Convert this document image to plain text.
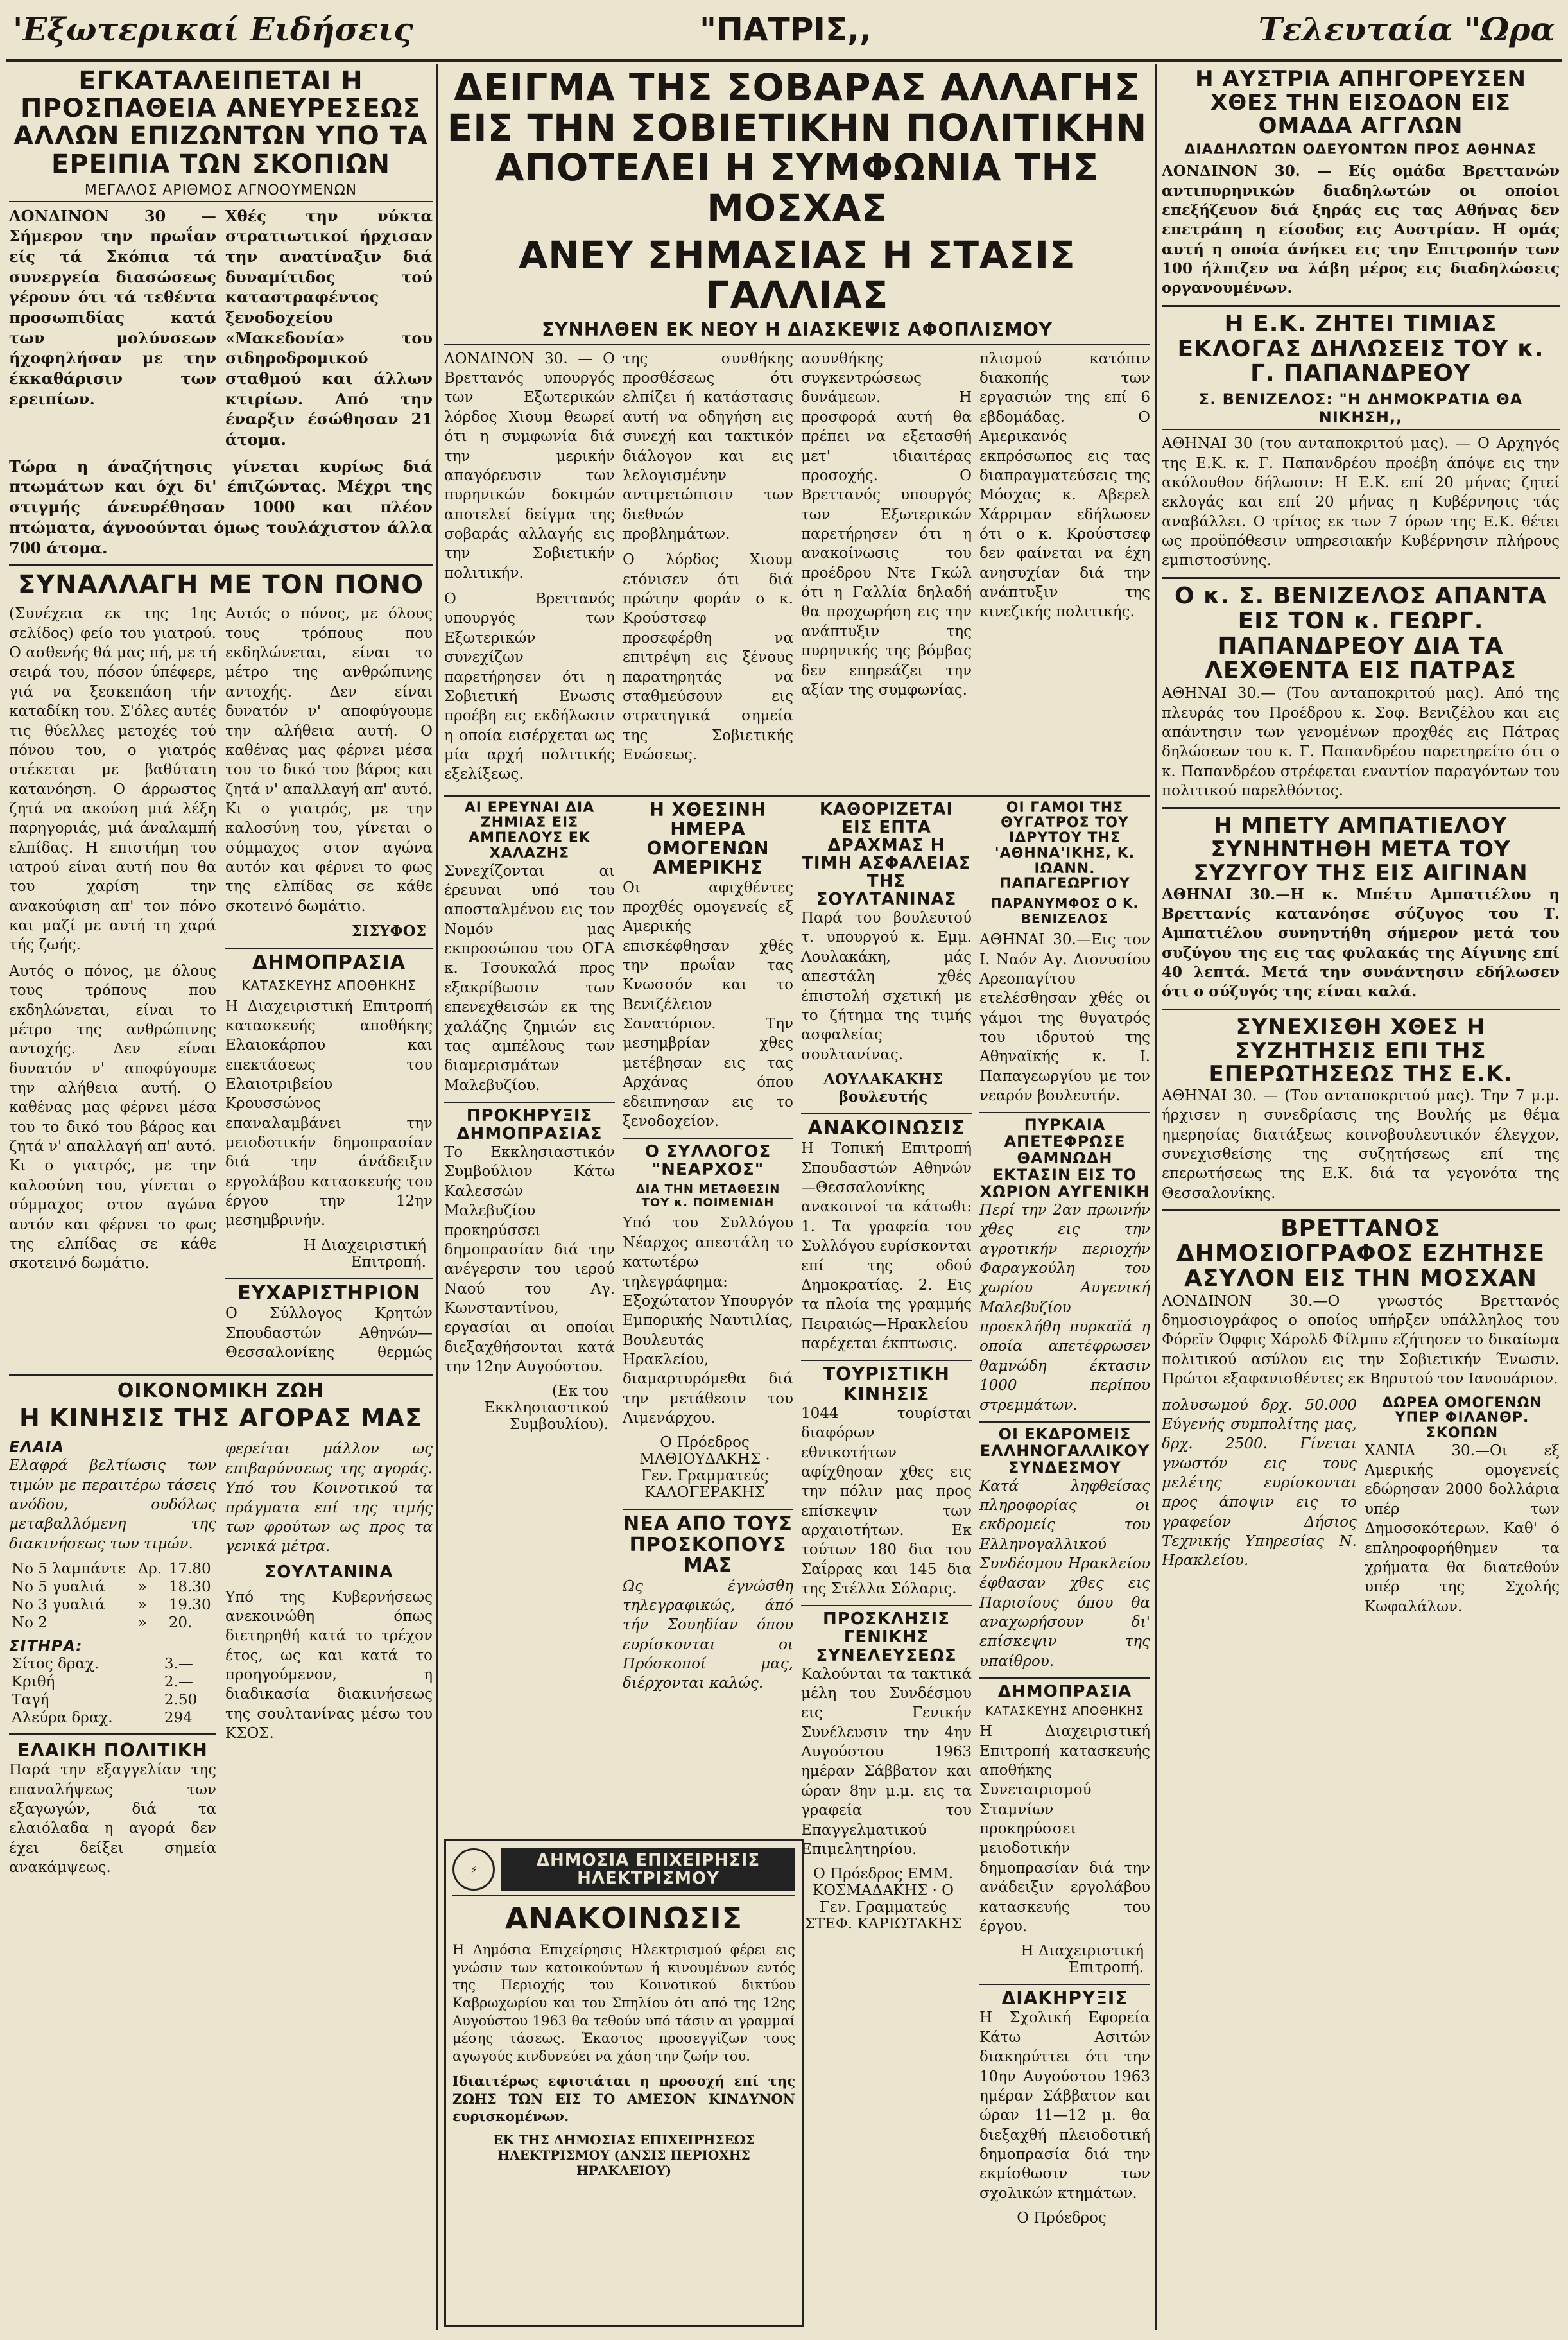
'Εξωτερικαί Ειδήσεις	"ΠΑΤΡΙΣ,,	Τελευταία "Ωρα
ΕΓΚΑΤΑΛΕΙΠΕΤΑΙ Η ΠΡΟΣΠΑΘΕΙΑ ΑΝΕΥΡΕΣΕΩΣ ΑΛΛΩΝ ΕΠΙΖΩΝΤΩΝ ΥΠΟ ΤΑ ΕΡΕΙΠΙΑ ΤΩΝ ΣΚΟΠΙΩΝ
ΜΕΓΑΛΟΣ ΑΡΙΘΜΟΣ ΑΓΝΟΟΥΜΕΝΩΝ

ΛΟΝΔΙΝΟΝ 30 —Σήμερον την πρωΐαν είς τά Σκόπια τά συνεργεία διασώσεως γέρουν ότι τά τεθέντα προσωπιδίας κατά των μολύνσεων ήχοφηλήσαν με την έκκαθάρισιν των ερειπίων.

Χθές την νύκτα στρατιωτικοί ήρχισαν την ανατίναξιν διά δυναμίτιδος τού καταστραφέντος ξενοδοχείου «Μακεδονία» του σιδηροδρομικού σταθμού και άλλων κτιρίων. Από την έναρξιν έσώθησαν 21 άτομα.

Τώρα η άναζήτησις γίνεται κυρίως διά πτωμάτων και όχι δι' έπιζώντας. Μέχρι της στιγμής άνευρέθησαν 1000 και πλέον πτώματα, άγνοούνται όμως τουλάχιστον άλλα 700 άτομα.

ΣΥΝΑΛΛΑΓΗ ΜΕ ΤΟΝ ΠΟΝΟ

(Συνέχεια εκ της 1ης σελίδος) φείο του γιατρού. Ο ασθενής θά μας πή, με τή σειρά του, πόσον ύπέφερε, γιά να ξεσκεπάση τήν καταδίκη του. Σ'όλες αυτές τις θύελλες μετοχές τού πόνου του, ο γιατρός στέκεται με βαθύτατη κατανόηση. Ο άρρωστος ζητά να ακούση μιά λέξη παρηγοριάς, μιά άναλαμπή ελπίδας. Η επιστήμη του ιατρού είναι αυτή που θα του χαρίση την ανακούφιση απ' τον πόνο και μαζί με αυτή τη χαρά τής ζωής.

Αυτός ο πόνος, με όλους τους τρόπους που εκδηλώνεται, είναι το μέτρο της ανθρώπινης αντοχής. Δεν είναι δυνατόν ν' αποφύγουμε την αλήθεια αυτή. Ο καθένας μας φέρνει μέσα του το δικό του βάρος και ζητά ν' απαλλαγή απ' αυτό. Κι ο γιατρός, με την καλοσύνη του, γίνεται ο σύμμαχος στον αγώνα αυτόν και φέρνει το φως της ελπίδας σε κάθε σκοτεινό δωμάτιο.

Αυτός ο πόνος, με όλους τους τρόπους που εκδηλώνεται, είναι το μέτρο της ανθρώπινης αντοχής. Δεν είναι δυνατόν ν' αποφύγουμε την αλήθεια αυτή. Ο καθένας μας φέρνει μέσα του το δικό του βάρος και ζητά ν' απαλλαγή απ' αυτό. Κι ο γιατρός, με την καλοσύνη του, γίνεται ο σύμμαχος στον αγώνα αυτόν και φέρνει το φως της ελπίδας σε κάθε σκοτεινό δωμάτιο.

ΣΙΣΥΦΟΣ
ΔΗΜΟΠΡΑΣΙΑ
ΚΑΤΑΣΚΕΥΗΣ ΑΠΟΘΗΚΗΣ

Η Διαχειριστική Επιτροπή κατασκευής αποθήκης Ελαιοκάρπου και επεκτάσεως του Ελαιοτριβείου Κρουσσώνος επαναλαμβάνει την μειοδοτικήν δημοπρασίαν διά την άνάδειξιν εργολάβου κατασκευής του έργου την 12ην μεσημβρινήν.

Η Διαχειριστική Επιτροπή.
ΕΥΧΑΡΙΣΤΗΡΙΟΝ

Ο Σύλλογος Κρητών Σπουδαστών Αθηνών—Θεσσαλονίκης θερμώς

ΟΙΚΟΝΟΜΙΚΗ ΖΩΗ
Η ΚΙΝΗΣΙΣ ΤΗΣ ΑΓΟΡΑΣ ΜΑΣ
ΕΛΑΙΑ

Ελαφρά βελτίωσις των τιμών με περαιτέρω τάσεις ανόδου, ουδόλως μεταβαλλόμενη της διακινήσεως των τιμών.

Νο 5 λαμπάντε	Δρ.	17.80
Νο 5 γυαλιά	»	18.30
Νο 3 γυαλιά	»	19.30
Νο 2	»	20.
ΣΙΤΗΡΑ:
Σίτος δραχ.	3.—
Κριθή	2.—
Ταγή	2.50
Αλεύρα δραχ.	294
ΕΛΑΙΚΗ ΠΟΛΙΤΙΚΗ

Παρά την εξαγγελίαν της επαναλήψεως των εξαγωγών, διά τα ελαιόλαδα η αγορά δεν έχει δείξει σημεία ανακάμψεως.

φερείται μάλλον ως επιβαρύνσεως της αγοράς. Υπό του Κοινοτικού τα πράγματα επί της τιμής των φρούτων ως προς τα γενικά μέτρα.

ΣΟΥΛΤΑΝΙΝΑ

Υπό της Κυβερνήσεως ανεκοινώθη όπως διετηρηθή κατά το τρέχον έτος, ως και κατά το προηγούμενον, η διαδικασία διακινήσεως της σουλτανίνας μέσω του ΚΣΟΣ.

ΔΕΙΓΜΑ ΤΗΣ ΣΟΒΑΡΑΣ ΑΛΛΑΓΗΣ
ΕΙΣ ΤΗΝ ΣΟΒΙΕΤΙΚΗΝ ΠΟΛΙΤΙΚΗΝ
ΑΠΟΤΕΛΕΙ Η ΣΥΜΦΩΝΙΑ ΤΗΣ ΜΟΣΧΑΣ
ΑΝΕΥ ΣΗΜΑΣΙΑΣ Η ΣΤΑΣΙΣ ΓΑΛΛΙΑΣ
ΣΥΝΗΛΘΕΝ ΕΚ ΝΕΟΥ Η ΔΙΑΣΚΕΨΙΣ ΑΦΟΠΛΙΣΜΟΥ

ΛΟΝΔΙΝΟΝ 30. — Ο Βρεττανός υπουργός των Εξωτερικών λόρδος Χιουμ θεωρεί ότι η συμφωνία διά την μερικήν απαγόρευσιν των πυρηνικών δοκιμών αποτελεί δείγμα της σοβαράς αλλαγής εις την Σοβιετικήν πολιτικήν.

Ο Βρεττανός υπουργός των Εξωτερικών συνεχίζων παρετήρησεν ότι η Σοβιετική Ενωσις προέβη εις εκδήλωσιν η οποία εισέρχεται ως μία αρχή πολιτικής εξελίξεως.

της συνθήκης προσθέσεως ότι ελπίζει ή κατάστασις αυτή να οδηγήση εις συνεχή και τακτικόν διάλογον και εις λελογισμένην αντιμετώπισιν των διεθνών προβλημάτων.

Ο λόρδος Χιουμ ετόνισεν ότι διά πρώτην φοράν ο κ. Κρούστσεφ προσεφέρθη να επιτρέψη εις ξένους παρατηρητάς να σταθμεύσουν εις στρατηγικά σημεία της Σοβιετικής Ενώσεως.

ασυνθήκης συγκεντρώσεως δυνάμεων. Η προσφορά αυτή θα πρέπει να εξετασθή μετ' ιδιαιτέρας προσοχής. Ο Βρεττανός υπουργός των Εξωτερικών παρετήρησεν ότι η ανακοίνωσις του προέδρου Ντε Γκώλ ότι η Γαλλία δηλαδή θα προχωρήση εις την ανάπτυξιν της πυρηνικής της βόμβας δεν επηρεάζει την αξίαν της συμφωνίας.

πλισμού κατόπιν διακοπής των εργασιών της επί 6 εβδομάδας. Ο Αμερικανός εκπρόσωπος εις τας διαπραγματεύσεις της Μόσχας κ. Αβερελ Χάρριμαν εδήλωσεν ότι ο κ. Κρούστσεφ δεν φαίνεται να έχη ανησυχίαν διά την ανάπτυξιν της κινεζικής πολιτικής.

ΑΙ ΕΡΕΥΝΑΙ ΔΙΑ ΖΗΜΙΑΣ ΕΙΣ ΑΜΠΕΛΟΥΣ ΕΚ ΧΑΛΑΖΗΣ

Συνεχίζονται αι έρευναι υπό του αποσταλμένου εις τον Νομόν μας εκπροσώπου του ΟΓΑ κ. Τσουκαλά προς εξακρίβωσιν των επενεχθεισών εκ της χαλάζης ζημιών εις τας αμπέλους των διαμερισμάτων Μαλεβυζίου.

ΠΡΟΚΗΡΥΞΙΣ ΔΗΜΟΠΡΑΣΙΑΣ

Το Εκκλησιαστικόν Συμβούλιον Κάτω Καλεσσών Μαλεβυζίου προκηρύσσει δημοπρασίαν διά την ανέγερσιν του ιερού Ναού του Αγ. Κωνσταντίνου, εργασίαι αι οποίαι διεξαχθήσονται κατά την 12ην Αυγούστου.

(Εκ του Εκκλησιαστικού Συμβουλίου).
Η ΧΘΕΣΙΝΗ ΗΜΕΡΑ ΟΜΟΓΕΝΩΝ ΑΜΕΡΙΚΗΣ

Οι αφιχθέντες προχθές ομογενείς εξ Αμερικής επισκέφθησαν χθές την πρωΐαν τας Κνωσσόν και το Βενιζέλειον Σανατόριον. Την μεσημβρίαν χθες μετέβησαν εις τας Αρχάνας όπου εδειπνησαν εις το ξενοδοχείον.

Ο ΣΥΛΛΟΓΟΣ "ΝΕΑΡΧΟΣ"
ΔΙΑ ΤΗΝ ΜΕΤΑΘΕΣΙΝ ΤΟΥ κ. ΠΟΙΜΕΝΙΔΗ

Υπό του Συλλόγου Νέαρχος απεστάλη το κατωτέρω τηλεγράφημα: Εξοχώτατον Υπουργόν Εμπορικής Ναυτιλίας, Βουλευτάς Ηρακλείου, διαμαρτυρόμεθα διά την μετάθεσιν του Λιμενάρχου.

Ο Πρόεδρος ΜΑΘΙΟΥΔΑΚΗΣ · Γεν. Γραμματεύς ΚΑΛΟΓΕΡΑΚΗΣ
ΝΕΑ ΑΠΟ ΤΟΥΣ ΠΡΟΣΚΟΠΟΥΣ ΜΑΣ

Ως έγνώσθη τηλεγραφικώς, άπό τήν Σουηδίαν όπου ευρίσκονται οι Πρόσκοποί μας, διέρχονται καλώς.

ΚΑΘΟΡΙΖΕΤΑΙ ΕΙΣ ΕΠΤΑ ΔΡΑΧΜΑΣ Η ΤΙΜΗ ΑΣΦΑΛΕΙΑΣ ΤΗΣ ΣΟΥΛΤΑΝΙΝΑΣ

Παρά του βουλευτού τ. υπουργού κ. Εμμ. Λουλακάκη, μάς απεστάλη χθές έπιστολή σχετική με το ζήτημα της τιμής ασφαλείας σουλτανίνας.

ΛΟΥΛΑΚΑΚΗΣ βουλευτής
ΑΝΑΚΟΙΝΩΣΙΣ

Η Τοπική Επιτροπή Σπουδαστών Αθηνών—Θεσσαλονίκης ανακοινοί τα κάτωθι: 1. Τα γραφεία του Συλλόγου ευρίσκονται επί της οδού Δημοκρατίας. 2. Εις τα πλοία της γραμμής Πειραιώς—Ηρακλείου παρέχεται έκπτωσις.

ΤΟΥΡΙΣΤΙΚΗ ΚΙΝΗΣΙΣ

1044 τουρίσται διαφόρων εθνικοτήτων αφίχθησαν χθες εις την πόλιν μας προς επίσκεψιν των αρχαιοτήτων. Εκ τούτων 180 δια του Σαΐρρας και 145 δια της Στέλλα Σόλαρις.

ΠΡΟΣΚΛΗΣΙΣ ΓΕΝΙΚΗΣ ΣΥΝΕΛΕΥΣΕΩΣ

Καλούνται τα τακτικά μέλη του Συνδέσμου εις Γενικήν Συνέλευσιν την 4ην Αυγούστου 1963 ημέραν Σάββατον και ώραν 8ην μ.μ. εις τα γραφεία του Επαγγελματικού Επιμελητηρίου.

Ο Πρόεδρος ΕΜΜ. ΚΟΣΜΑΔΑΚΗΣ · Ο Γεν. Γραμματεύς ΣΤΕΦ. ΚΑΡΙΩΤΑΚΗΣ
ΟΙ ΓΑΜΟΙ ΤΗΣ ΘΥΓΑΤΡΟΣ ΤΟΥ ΙΔΡΥΤΟΥ ΤΗΣ 'ΑΘΗΝΑ'ΙΚΗΣ, Κ. ΙΩΑΝΝ. ΠΑΠΑΓΕΩΡΓΙΟΥ
ΠΑΡΑΝΥΜΦΟΣ Ο Κ. ΒΕΝΙΖΕΛΟΣ

ΑΘΗΝΑΙ 30.—Εις τον Ι. Ναόν Αγ. Διονυσίου Αρεοπαγίτου ετελέσθησαν χθές οι γάμοι της θυγατρός του ιδρυτού της Αθηναϊκής κ. Ι. Παπαγεωργίου με τον νεαρόν βουλευτήν.

ΠΥΡΚΑΙΑ ΑΠΕΤΕΦΡΩΣΕ ΘΑΜΝΩΔΗ ΕΚΤΑΣΙΝ ΕΙΣ ΤΟ ΧΩΡΙΟΝ ΑΥΓΕΝΙΚΗ

Περί την 2αν πρωινήν χθες εις την αγροτικήν περιοχήν Φαραγκούλη του χωρίου Αυγενική Μαλεβυζίου προεκλήθη πυρκαϊά η οποία απετέφρωσεν θαμνώδη έκτασιν 1000 περίπου στρεμμάτων.

ΟΙ ΕΚΔΡΟΜΕΙΣ ΕΛΛΗΝΟΓΑΛΛΙΚΟΥ ΣΥΝΔΕΣΜΟΥ

Κατά ληφθείσας πληροφορίας οι εκδρομείς του Ελληνογαλλικού Συνδέσμου Ηρακλείου έφθασαν χθες εις Παρισίους όπου θα αναχωρήσουν δι' επίσκεψιν της υπαίθρου.

ΔΗΜΟΠΡΑΣΙΑ
ΚΑΤΑΣΚΕΥΗΣ ΑΠΟΘΗΚΗΣ

Η Διαχειριστική Επιτροπή κατασκευής αποθήκης Συνεταιρισμού Σταμνίων προκηρύσσει μειοδοτικήν δημοπρασίαν διά την ανάδειξιν εργολάβου κατασκευής του έργου.

Η Διαχειριστική Επιτροπή.
ΔΙΑΚΗΡΥΞΙΣ

Η Σχολική Εφορεία Κάτω Ασιτών διακηρύττει ότι την 10ην Αυγούστου 1963 ημέραν Σάββατον και ώραν 11—12 μ. θα διεξαχθή πλειοδοτική δημοπρασία διά την εκμίσθωσιν των σχολικών κτημάτων.

Ο Πρόεδρος
⚡	ΔΗΜΟΣΙΑ ΕΠΙΧΕΙΡΗΣΙΣ ΗΛΕΚΤΡΙΣΜΟΥ
ΑΝΑΚΟΙΝΩΣΙΣ

Η Δημόσια Επιχείρησις Ηλεκτρισμού φέρει εις γνώσιν των κατοικούντων ή κινουμένων εντός της Περιοχής του Κοινοτικού δικτύου Καβρωχωρίου και του Σπηλίου ότι από της 12ης Αυγούστου 1963 θα τεθούν υπό τάσιν αι γραμμαί μέσης τάσεως. Έκαστος προσεγγίζων τους αγωγούς κινδυνεύει να χάση την ζωήν του.

Ιδιαιτέρως εφιστάται η προσοχή επί της ΖΩΗΣ ΤΩΝ ΕΙΣ ΤΟ ΑΜΕΣΟΝ ΚΙΝΔΥΝΟΝ ευρισκομένων.

ΕΚ ΤΗΣ ΔΗΜΟΣΙΑΣ ΕΠΙΧΕΙΡΗΣΕΩΣ ΗΛΕΚΤΡΙΣΜΟΥ (ΔΝΣΙΣ ΠΕΡΙΟΧΗΣ ΗΡΑΚΛΕΙΟΥ)
Η ΑΥΣΤΡΙΑ ΑΠΗΓΟΡΕΥΣΕΝ ΧΘΕΣ ΤΗΝ ΕΙΣΟΔΟΝ ΕΙΣ ΟΜΑΔΑ ΑΓΓΛΩΝ
ΔΙΑΔΗΛΩΤΩΝ ΟΔΕΥΟΝΤΩΝ ΠΡΟΣ ΑΘΗΝΑΣ

ΛΟΝΔΙΝΟΝ 30. — Είς ομάδα Βρεττανών αντιπυρηνικών διαδηλωτών οι οποίοι επεξήζευον διά ξηράς εις τας Αθήνας δεν επετράπη η είσοδος εις Αυστρίαν. Η ομάς αυτή η οποία άνήκει εις την Επιτροπήν των 100 ήλπιζεν να λάβη μέρος εις διαδηλώσεις οργανουμένων.

Η Ε.Κ. ΖΗΤΕΙ ΤΙΜΙΑΣ ΕΚΛΟΓΑΣ ΔΗΛΩΣΕΙΣ ΤΟΥ κ. Γ. ΠΑΠΑΝΔΡΕΟΥ
Σ. ΒΕΝΙΖΕΛΟΣ: "Η ΔΗΜΟΚΡΑΤΙΑ ΘΑ ΝΙΚΗΣΗ,,

ΑΘΗΝΑΙ 30 (του ανταποκριτού μας). — Ο Αρχηγός της Ε.Κ. κ. Γ. Παπανδρέου προέβη άπόψε εις την ακόλουθον δήλωσιν: Η Ε.Κ. επί 20 μήνας ζητεί εκλογάς και επί 20 μήνας η Κυβέρνησις τάς αναβάλλει. Ο τρίτος εκ των 7 όρων της Ε.Κ. θέτει ως προϋπόθεσιν υπηρεσιακήν Κυβέρνησιν πλήρους εμπιστοσύνης.

Ο κ. Σ. ΒΕΝΙΖΕΛΟΣ ΑΠΑΝΤΑ ΕΙΣ ΤΟΝ κ. ΓΕΩΡΓ. ΠΑΠΑΝΔΡΕΟΥ ΔΙΑ ΤΑ ΛΕΧΘΕΝΤΑ ΕΙΣ ΠΑΤΡΑΣ

ΑΘΗΝΑΙ 30.— (Του ανταποκριτού μας). Από της πλευράς του Προέδρου κ. Σοφ. Βενιζέλου και εις απάντησιν των γενομένων προχθές εις Πάτρας δηλώσεων του κ. Γ. Παπανδρέου παρετηρείτο ότι ο κ. Παπανδρέου στρέφεται εναντίον παραγόντων του πολιτικού παρελθόντος.

Η ΜΠΕΤΥ ΑΜΠΑΤΙΕΛΟΥ ΣΥΝΗΝΤΗΘΗ ΜΕΤΑ ΤΟΥ ΣΥΖΥΓΟΥ ΤΗΣ ΕΙΣ ΑΙΓΙΝΑΝ

ΑΘΗΝΑΙ 30.—Η κ. Μπέτυ Αμπατιέλου η Βρεττανίς κατανόησε σύζυγος του Τ. Αμπατιέλου συνηντήθη σήμερον μετά του συζύγου της εις τας φυλακάς της Αίγινης επί 40 λεπτά. Μετά την συνάντησιν εδήλωσεν ότι ο σύζυγός της είναι καλά.

ΣΥΝΕΧΙΣΘΗ ΧΘΕΣ Η ΣΥΖΗΤΗΣΙΣ ΕΠΙ ΤΗΣ ΕΠΕΡΩΤΗΣΕΩΣ ΤΗΣ Ε.Κ.

ΑΘΗΝΑΙ 30. — (Του ανταποκριτού μας). Την 7 μ.μ. ήρχισεν η συνεδρίασις της Βουλής με θέμα ημερησίας διατάξεως κοινοβουλευτικόν έλεγχον, συνεχισθείσης της συζητήσεως επί της επερωτήσεως της Ε.Κ. διά τα γεγονότα της Θεσσαλονίκης.

ΒΡΕΤΤΑΝΟΣ ΔΗΜΟΣΙΟΓΡΑΦΟΣ ΕΖΗΤΗΣΕ ΑΣΥΛΟΝ ΕΙΣ ΤΗΝ ΜΟΣΧΑΝ

ΛΟΝΔΙΝΟΝ 30.—Ο γνωστός Βρεττανός δημοσιογράφος ο οποίος υπήρξεν υπάλληλος του Φόρεϊν Όφφις Χάρολδ Φίλμπυ εζήτησεν το δικαίωμα πολιτικού ασύλου εις την Σοβιετικήν Ένωσιν. Πρώτοι εξαφανισθέντες εκ Βηρυτού τον Ιανουάριον.

πολυσωμού δρχ. 50.000 Εύγενής συμπολίτης μας, δρχ. 2500. Γίνεται γνωστόν εις τους μελέτης ευρίσκονται προς άποψιν εις το γραφείον Δήσιος Τεχνικής Υπηρεσίας Ν. Ηρακλείου.

ΔΩΡΕΑ ΟΜΟΓΕΝΩΝ ΥΠΕΡ ΦΙΛΑΝΘΡ. ΣΚΟΠΩΝ

ΧΑΝΙΑ 30.—Οι εξ Αμερικής ομογενείς εδώρησαν 2000 δολλάρια υπέρ των Δημοσοκότερων. Καθ' ό επληροφορήθημεν τα χρήματα θα διατεθούν υπέρ της Σχολής Κωφαλάλων.
